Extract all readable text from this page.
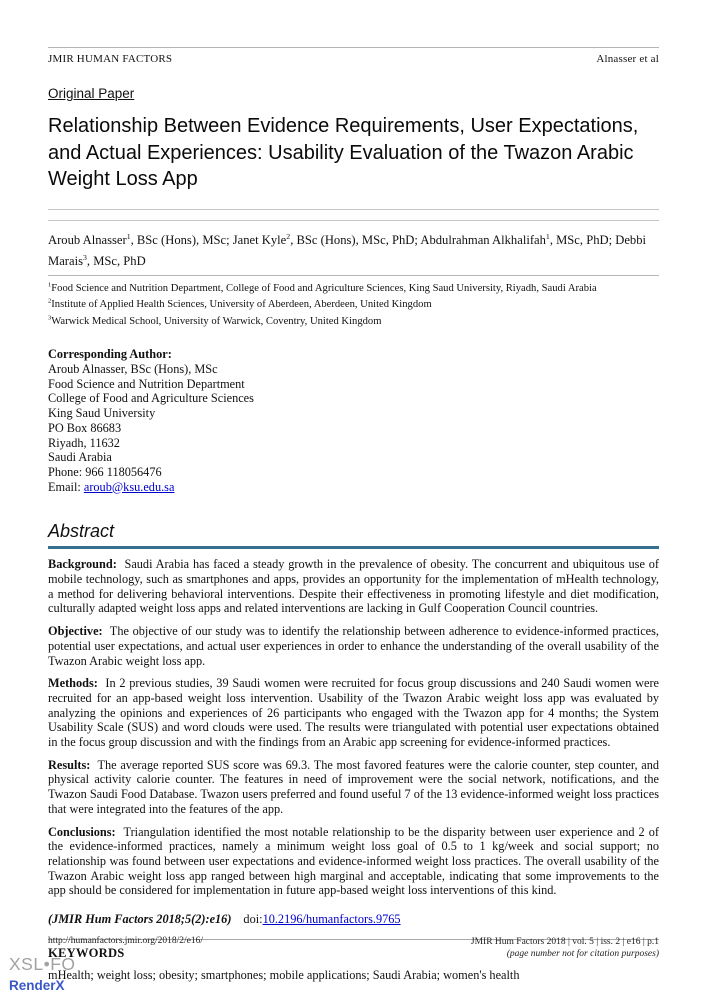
JMIR HUMAN FACTORS	Alnasser et al
Original Paper
Relationship Between Evidence Requirements, User Expectations, and Actual Experiences: Usability Evaluation of the Twazon Arabic Weight Loss App
Aroub Alnasser$^1$, BSc (Hons), MSc; Janet Kyle$^2$, BSc (Hons), MSc, PhD; Abdulrahman Alkhalifah$^1$, MSc, PhD; Debbi Marais$^3$, MSc, PhD
$^1$Food Science and Nutrition Department, College of Food and Agriculture Sciences, King Saud University, Riyadh, Saudi Arabia
$^2$Institute of Applied Health Sciences, University of Aberdeen, Aberdeen, United Kingdom
$^3$Warwick Medical School, University of Warwick, Coventry, United Kingdom
Corresponding Author:
Aroub Alnasser, BSc (Hons), MSc
Food Science and Nutrition Department
College of Food and Agriculture Sciences
King Saud University
PO Box 86683
Riyadh, 11632
Saudi Arabia
Phone: 966 118056476
Email: aroub@ksu.edu.sa
Abstract

Background:  Saudi Arabia has faced a steady growth in the prevalence of obesity. The concurrent and ubiquitous use of mobile technology, such as smartphones and apps, provides an opportunity for the implementation of mHealth technology, a method for delivering behavioral interventions. Despite their effectiveness in promoting lifestyle and diet modification, culturally adapted weight loss apps and related interventions are lacking in Gulf Cooperation Council countries.

Objective:  The objective of our study was to identify the relationship between adherence to evidence-informed practices, potential user expectations, and actual user experiences in order to enhance the understanding of the overall usability of the Twazon Arabic weight loss app.

Methods:  In 2 previous studies, 39 Saudi women were recruited for focus group discussions and 240 Saudi women were recruited for an app-based weight loss intervention. Usability of the Twazon Arabic weight loss app was evaluated by analyzing the opinions and experiences of 26 participants who engaged with the Twazon app for 4 months; the System Usability Scale (SUS) and word clouds were used. The results were triangulated with potential user expectations obtained in the focus group discussion and with the findings from an Arabic app screening for evidence-informed practices.

Results:  The average reported SUS score was 69.3. The most favored features were the calorie counter, step counter, and physical activity calorie counter. The features in need of improvement were the social network, notifications, and the Twazon Saudi Food Database. Twazon users preferred and found useful 7 of the 13 evidence-informed weight loss practices that were integrated into the features of the app.

Conclusions:  Triangulation identified the most notable relationship to be the disparity between user experience and 2 of the evidence-informed practices, namely a minimum weight loss goal of 0.5 to 1 kg/week and social support; no relationship was found between user expectations and evidence-informed weight loss practices. The overall usability of the Twazon Arabic weight loss app ranged between high marginal and acceptable, indicating that some improvements to the app should be considered for implementation in future app-based weight loss interventions of this kind.

(JMIR Hum Factors 2018;5(2):e16) doi:10.2196/humanfactors.9765
KEYWORDS
mHealth; weight loss; obesity; smartphones; mobile applications; Saudi Arabia; women's health
http://humanfactors.jmir.org/2018/2/e16/	JMIR Hum Factors 2018 | vol. 5 | iss. 2 | e16 | p.1
(page number not for citation purposes)
XSL•FO
RenderX
